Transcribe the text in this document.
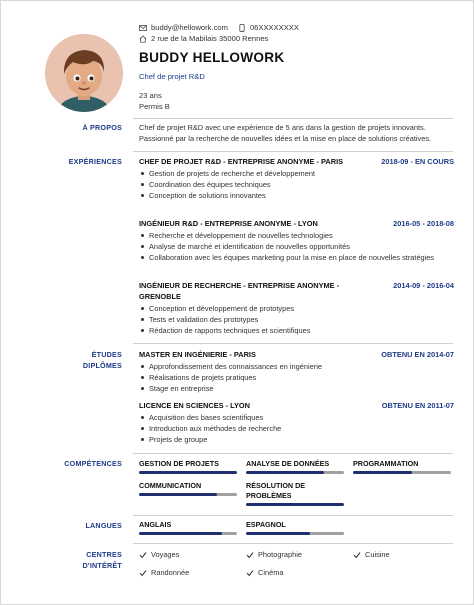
buddy@hellowork.com	06XXXXXXXX
2 rue de la Mabilais 35000 Rennes
BUDDY HELLOWORK
Chef de projet R&D
23 ans
Permis B
À PROPOS Chef de projet R&D avec une expérience de 5 ans dans la gestion de projets innovants.
Passionné par la recherche de nouvelles idées et la mise en place de solutions créatives.
EXPÉRIENCES CHEF DE PROJET R&D - ENTREPRISE ANONYME - PARIS	2018-09 - EN COURS
Gestion de projets de recherche et développement
Coordination des équipes techniques
Conception de solutions innovantes
INGÉNIEUR R&D - ENTREPRISE ANONYME - LYON	2016-05 - 2018-08
Recherche et développement de nouvelles technologies
Analyse de marché et identification de nouvelles opportunités
Collaboration avec les équipes marketing pour la mise en place de nouvelles stratégies
INGÉNIEUR DE RECHERCHE - ENTREPRISE ANONYME - GRENOBLE
2014-09 - 2016-04
Conception et développement de prototypes
Tests et validation des prototypes
Rédaction de rapports techniques et scientifiques
ÉTUDES
DIPLÔMES
MASTER EN INGÉNIERIE - PARIS	OBTENU EN 2014-07
Approfondissement des connaissances en ingénierie
Réalisations de projets pratiques
Stage en entreprise
LICENCE EN SCIENCES - LYON	OBTENU EN 2011-07
Acquisition des bases scientifiques
Introduction aux méthodes de recherche
Projets de groupe
COMPÉTENCES GESTION DE PROJETS	ANALYSE DE DONNÉES	PROGRAMMATION
COMMUNICATION	RÉSOLUTION DE PROBLÈMES
LANGUES ANGLAIS	ESPAGNOL
CENTRES
D'INTÉRÊT
Voyages	Photographie	Cuisine
Randonnée	Cinéma
